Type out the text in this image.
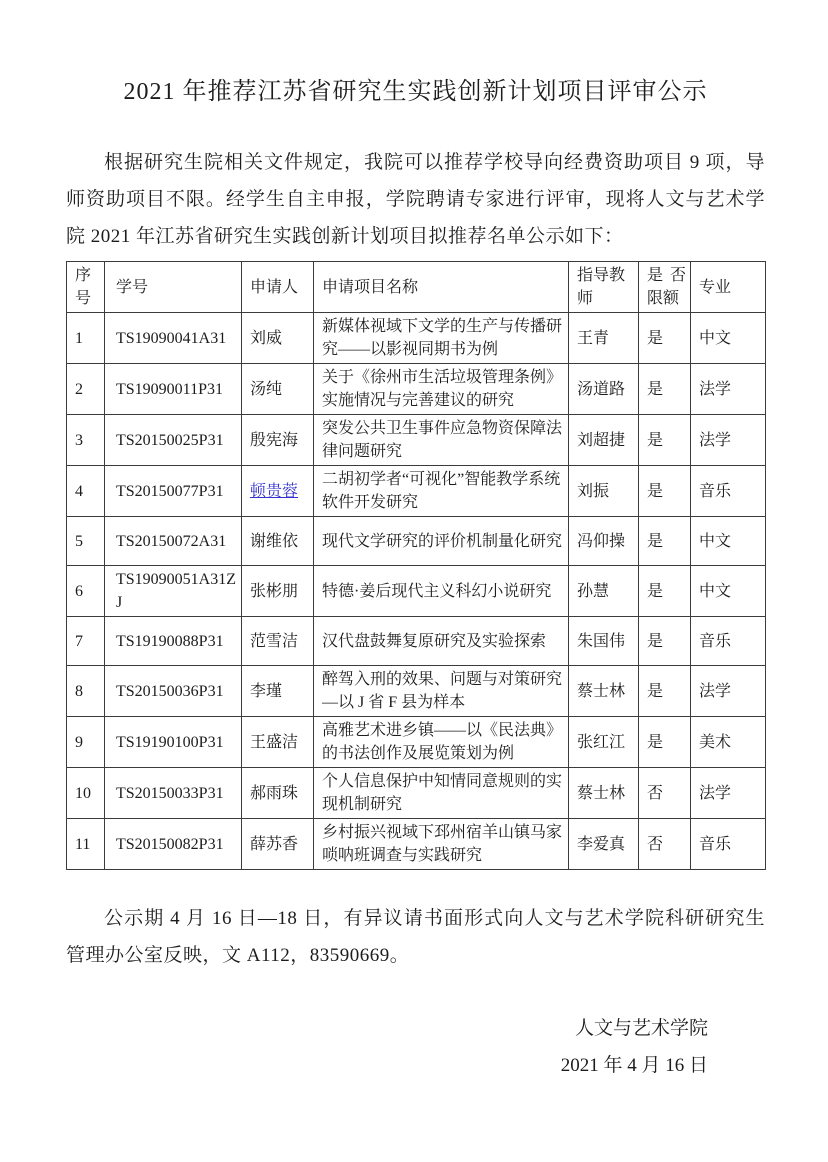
2021 年推荐江苏省研究生实践创新计划项目评审公示

根据研究生院相关文件规定，我院可以推荐学校导向经费资助项目 9 项，导师资助项目不限。经学生自主申报，学院聘请专家进行评审，现将人文与艺术学院 2021 年江苏省研究生实践创新计划项目拟推荐名单公示如下：

序号	学号	申请人	申请项目名称	指导教师	是否限额	专业
1	TS19090041A31	刘威	新媒体视域下文学的生产与传播研究——以影视同期书为例	王青	是	中文
2	TS19090011P31	汤纯	关于《徐州市生活垃圾管理条例》实施情况与完善建议的研究	汤道路	是	法学
3	TS20150025P31	殷宪海	突发公共卫生事件应急物资保障法律问题研究	刘超捷	是	法学
4	TS20150077P31	顿贵蓉	二胡初学者“可视化”智能教学系统软件开发研究	刘振	是	音乐
5	TS20150072A31	谢维依	现代文学研究的评价机制量化研究	冯仰操	是	中文
6	TS19090051A31ZJ	张彬朋	特德·姜后现代主义科幻小说研究	孙慧	是	中文
7	TS19190088P31	范雪洁	汉代盘鼓舞复原研究及实验探索	朱国伟	是	音乐
8	TS20150036P31	李瑾	醉驾入刑的效果、问题与对策研究—以 J 省 F 县为样本	蔡士林	是	法学
9	TS19190100P31	王盛洁	高雅艺术进乡镇——以《民法典》的书法创作及展览策划为例	张红江	是	美术
10	TS20150033P31	郝雨珠	个人信息保护中知情同意规则的实现机制研究	蔡士林	否	法学
11	TS20150082P31	薛苏香	乡村振兴视域下邳州宿羊山镇马家唢呐班调查与实践研究	李爱真	否	音乐

公示期 4 月 16 日—18 日，有异议请书面形式向人文与艺术学院科研研究生管理办公室反映，文 A112，83590669。

人文与艺术学院
2021 年 4 月 16 日
